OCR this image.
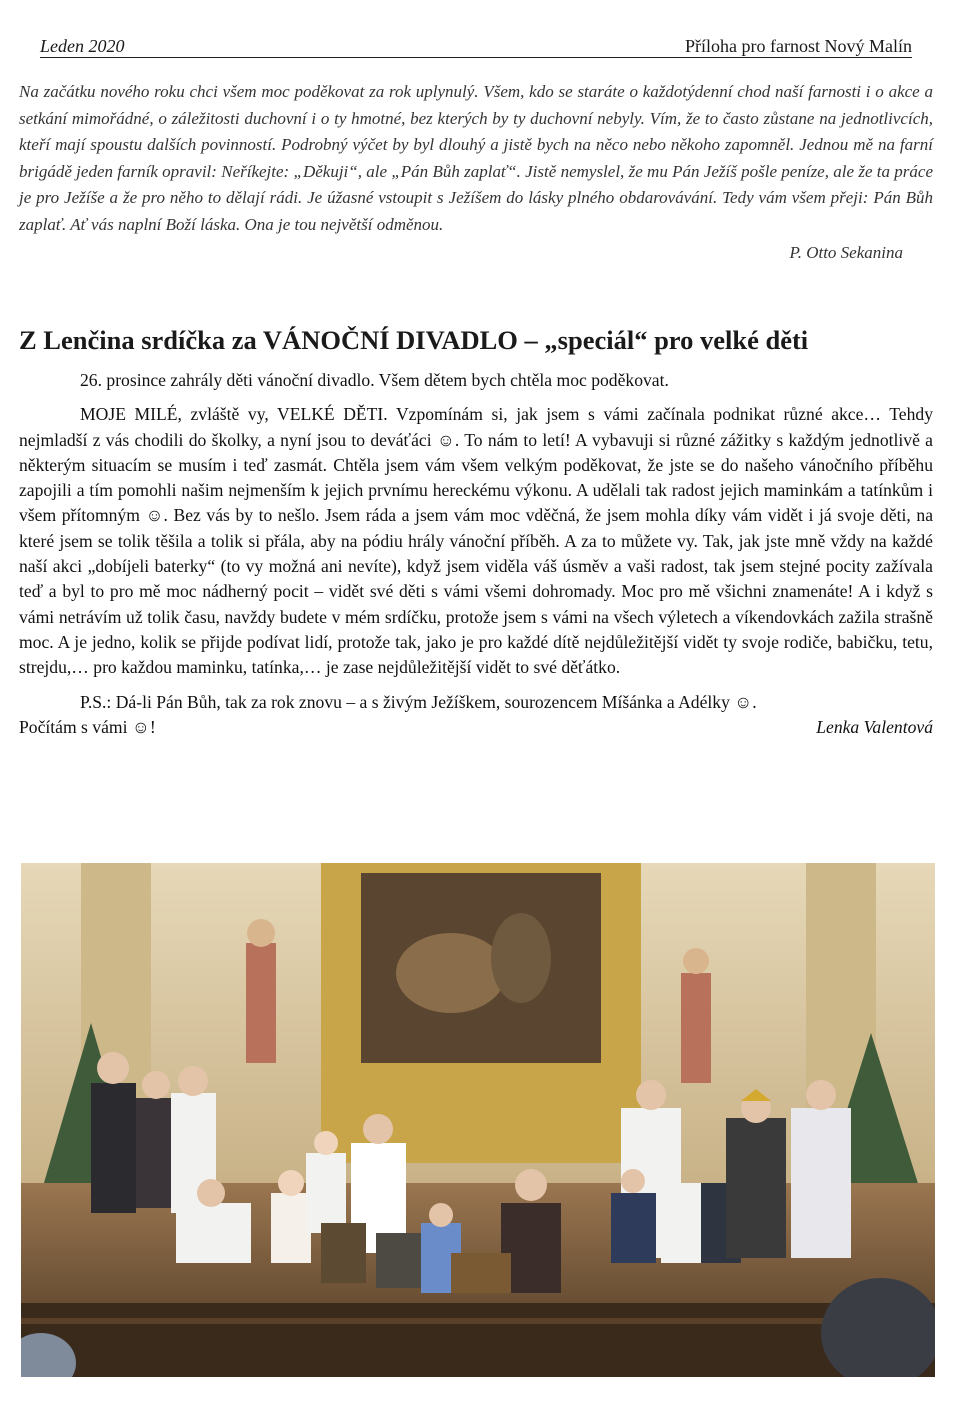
Leden 2020	Příloha pro farnost Nový Malín
Na začátku nového roku chci všem moc poděkovat za rok uplynulý. Všem, kdo se staráte o každotýdenní chod naší farnosti i o akce a setkání mimořádné, o záležitosti duchovní i o ty hmotné, bez kterých by ty duchovní nebyly. Vím, že to často zůstane na jednotlivcích, kteří mají spoustu dalších povinností. Podrobný výčet by byl dlouhý a jistě bych na něco nebo někoho zapomněl. Jednou mě na farní brigádě jeden farník opravil: Neříkejte: „Děkuji“, ale „Pán Bůh zaplať“. Jistě nemyslel, že mu Pán Ježíš pošle peníze, ale že ta práce je pro Ježíše a že pro něho to dělají rádi. Je úžasné vstoupit s Ježíšem do lásky plného obdarovávání. Tedy vám všem přeji: Pán Bůh zaplať. Ať vás naplní Boží láska. Ona je tou největší odměnou.
P. Otto Sekanina
Z Lenčina srdíčka za VÁNOČNÍ DIVADLO – „speciál“ pro velké děti

26. prosince zahrály děti vánoční divadlo. Všem dětem bych chtěla moc poděkovat.

MOJE MILÉ, zvláště vy, VELKÉ DĚTI. Vzpomínám si, jak jsem s vámi začínala podnikat různé akce… Tehdy nejmladší z vás chodili do školky, a nyní jsou to deváťáci ☺. To nám to letí! A vybavuji si různé zážitky s každým jednotlivě a některým situacím se musím i teď zasmát. Chtěla jsem vám všem velkým poděkovat, že jste se do našeho vánočního příběhu zapojili a tím pomohli našim nejmenším k jejich prvnímu hereckému výkonu. A udělali tak radost jejich maminkám a tatínkům i všem přítomným ☺. Bez vás by to nešlo. Jsem ráda a jsem vám moc vděčná, že jsem mohla díky vám vidět i já svoje děti, na které jsem se tolik těšila a tolik si přála, aby na pódiu hrály vánoční příběh. A za to můžete vy. Tak, jak jste mně vždy na každé naší akci „dobíjeli baterky“ (to vy možná ani nevíte), když jsem viděla váš úsměv a vaši radost, tak jsem stejné pocity zažívala teď a byl to pro mě moc nádherný pocit – vidět své děti s vámi všemi dohromady. Moc pro mě všichni znamenáte! A i když s vámi netrávím už tolik času, navždy budete v mém srdíčku, protože jsem s vámi na všech výletech a víkendovkách zažila strašně moc. A je jedno, kolik se přijde podívat lidí, protože tak, jako je pro každé dítě nejdůležitější vidět ty svoje rodiče, babičku, tetu, strejdu,… pro každou maminku, tatínka,… je zase nejdůležitější vidět to své děťátko.

P.S.: Dá-li Pán Bůh, tak za rok znovu – a s živým Ježíškem, sourozencem Míšánka a Adélky ☺.

Počítám s vámi ☺!	Lenka Valentová
